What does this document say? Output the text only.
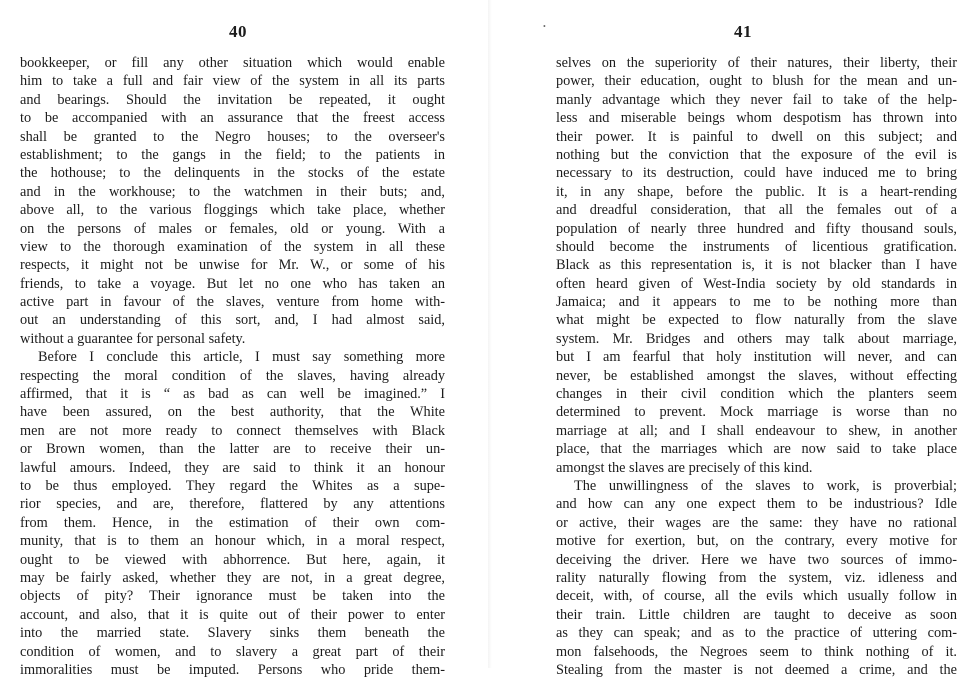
•
40
bookkeeper, or fill any other situation which would enable
him to take a full and fair view of the system in all its parts
and bearings. Should the invitation be repeated, it ought
to be accompanied with an assurance that the freest access
shall be granted to the Negro houses; to the overseer's
establishment; to the gangs in the field; to the patients in
the hothouse; to the delinquents in the stocks of the estate
and in the workhouse; to the watchmen in their buts; and,
above all, to the various floggings which take place, whether
on the persons of males or females, old or young. With a
view to the thorough examination of the system in all these
respects, it might not be unwise for Mr. W., or some of his
friends, to take a voyage. But let no one who has taken an
active part in favour of the slaves, venture from home with-
out an understanding of this sort, and, I had almost said,
without a guarantee for personal safety.
Before I conclude this article, I must say something more
respecting the moral condition of the slaves, having already
affirmed, that it is “ as bad as can well be imagined.” I
have been assured, on the best authority, that the White
men are not more ready to connect themselves with Black
or Brown women, than the latter are to receive their un-
lawful amours. Indeed, they are said to think it an honour
to be thus employed. They regard the Whites as a supe-
rior species, and are, therefore, flattered by any attentions
from them. Hence, in the estimation of their own com-
munity, that is to them an honour which, in a moral respect,
ought to be viewed with abhorrence. But here, again, it
may be fairly asked, whether they are not, in a great degree,
objects of pity? Their ignorance must be taken into the
account, and also, that it is quite out of their power to enter
into the married state. Slavery sinks them beneath the
condition of women, and to slavery a great part of their
immoralities must be imputed. Persons who pride them-
41
selves on the superiority of their natures, their liberty, their
power, their education, ought to blush for the mean and un-
manly advantage which they never fail to take of the help-
less and miserable beings whom despotism has thrown into
their power. It is painful to dwell on this subject; and
nothing but the conviction that the exposure of the evil is
necessary to its destruction, could have induced me to bring
it, in any shape, before the public. It is a heart-rending
and dreadful consideration, that all the females out of a
population of nearly three hundred and fifty thousand souls,
should become the instruments of licentious gratification.
Black as this representation is, it is not blacker than I have
often heard given of West-India society by old standards in
Jamaica; and it appears to me to be nothing more than
what might be expected to flow naturally from the slave
system. Mr. Bridges and others may talk about marriage,
but I am fearful that holy institution will never, and can
never, be established amongst the slaves, without effecting
changes in their civil condition which the planters seem
determined to prevent. Mock marriage is worse than no
marriage at all; and I shall endeavour to shew, in another
place, that the marriages which are now said to take place
amongst the slaves are precisely of this kind.
The unwillingness of the slaves to work, is proverbial;
and how can any one expect them to be industrious? Idle
or active, their wages are the same: they have no rational
motive for exertion, but, on the contrary, every motive for
deceiving the driver. Here we have two sources of immo-
rality naturally flowing from the system, viz. idleness and
deceit, with, of course, all the evils which usually follow in
their train. Little children are taught to deceive as soon
as they can speak; and as to the practice of uttering com-
mon falsehoods, the Negroes seem to think nothing of it.
Stealing from the master is not deemed a crime, and the
